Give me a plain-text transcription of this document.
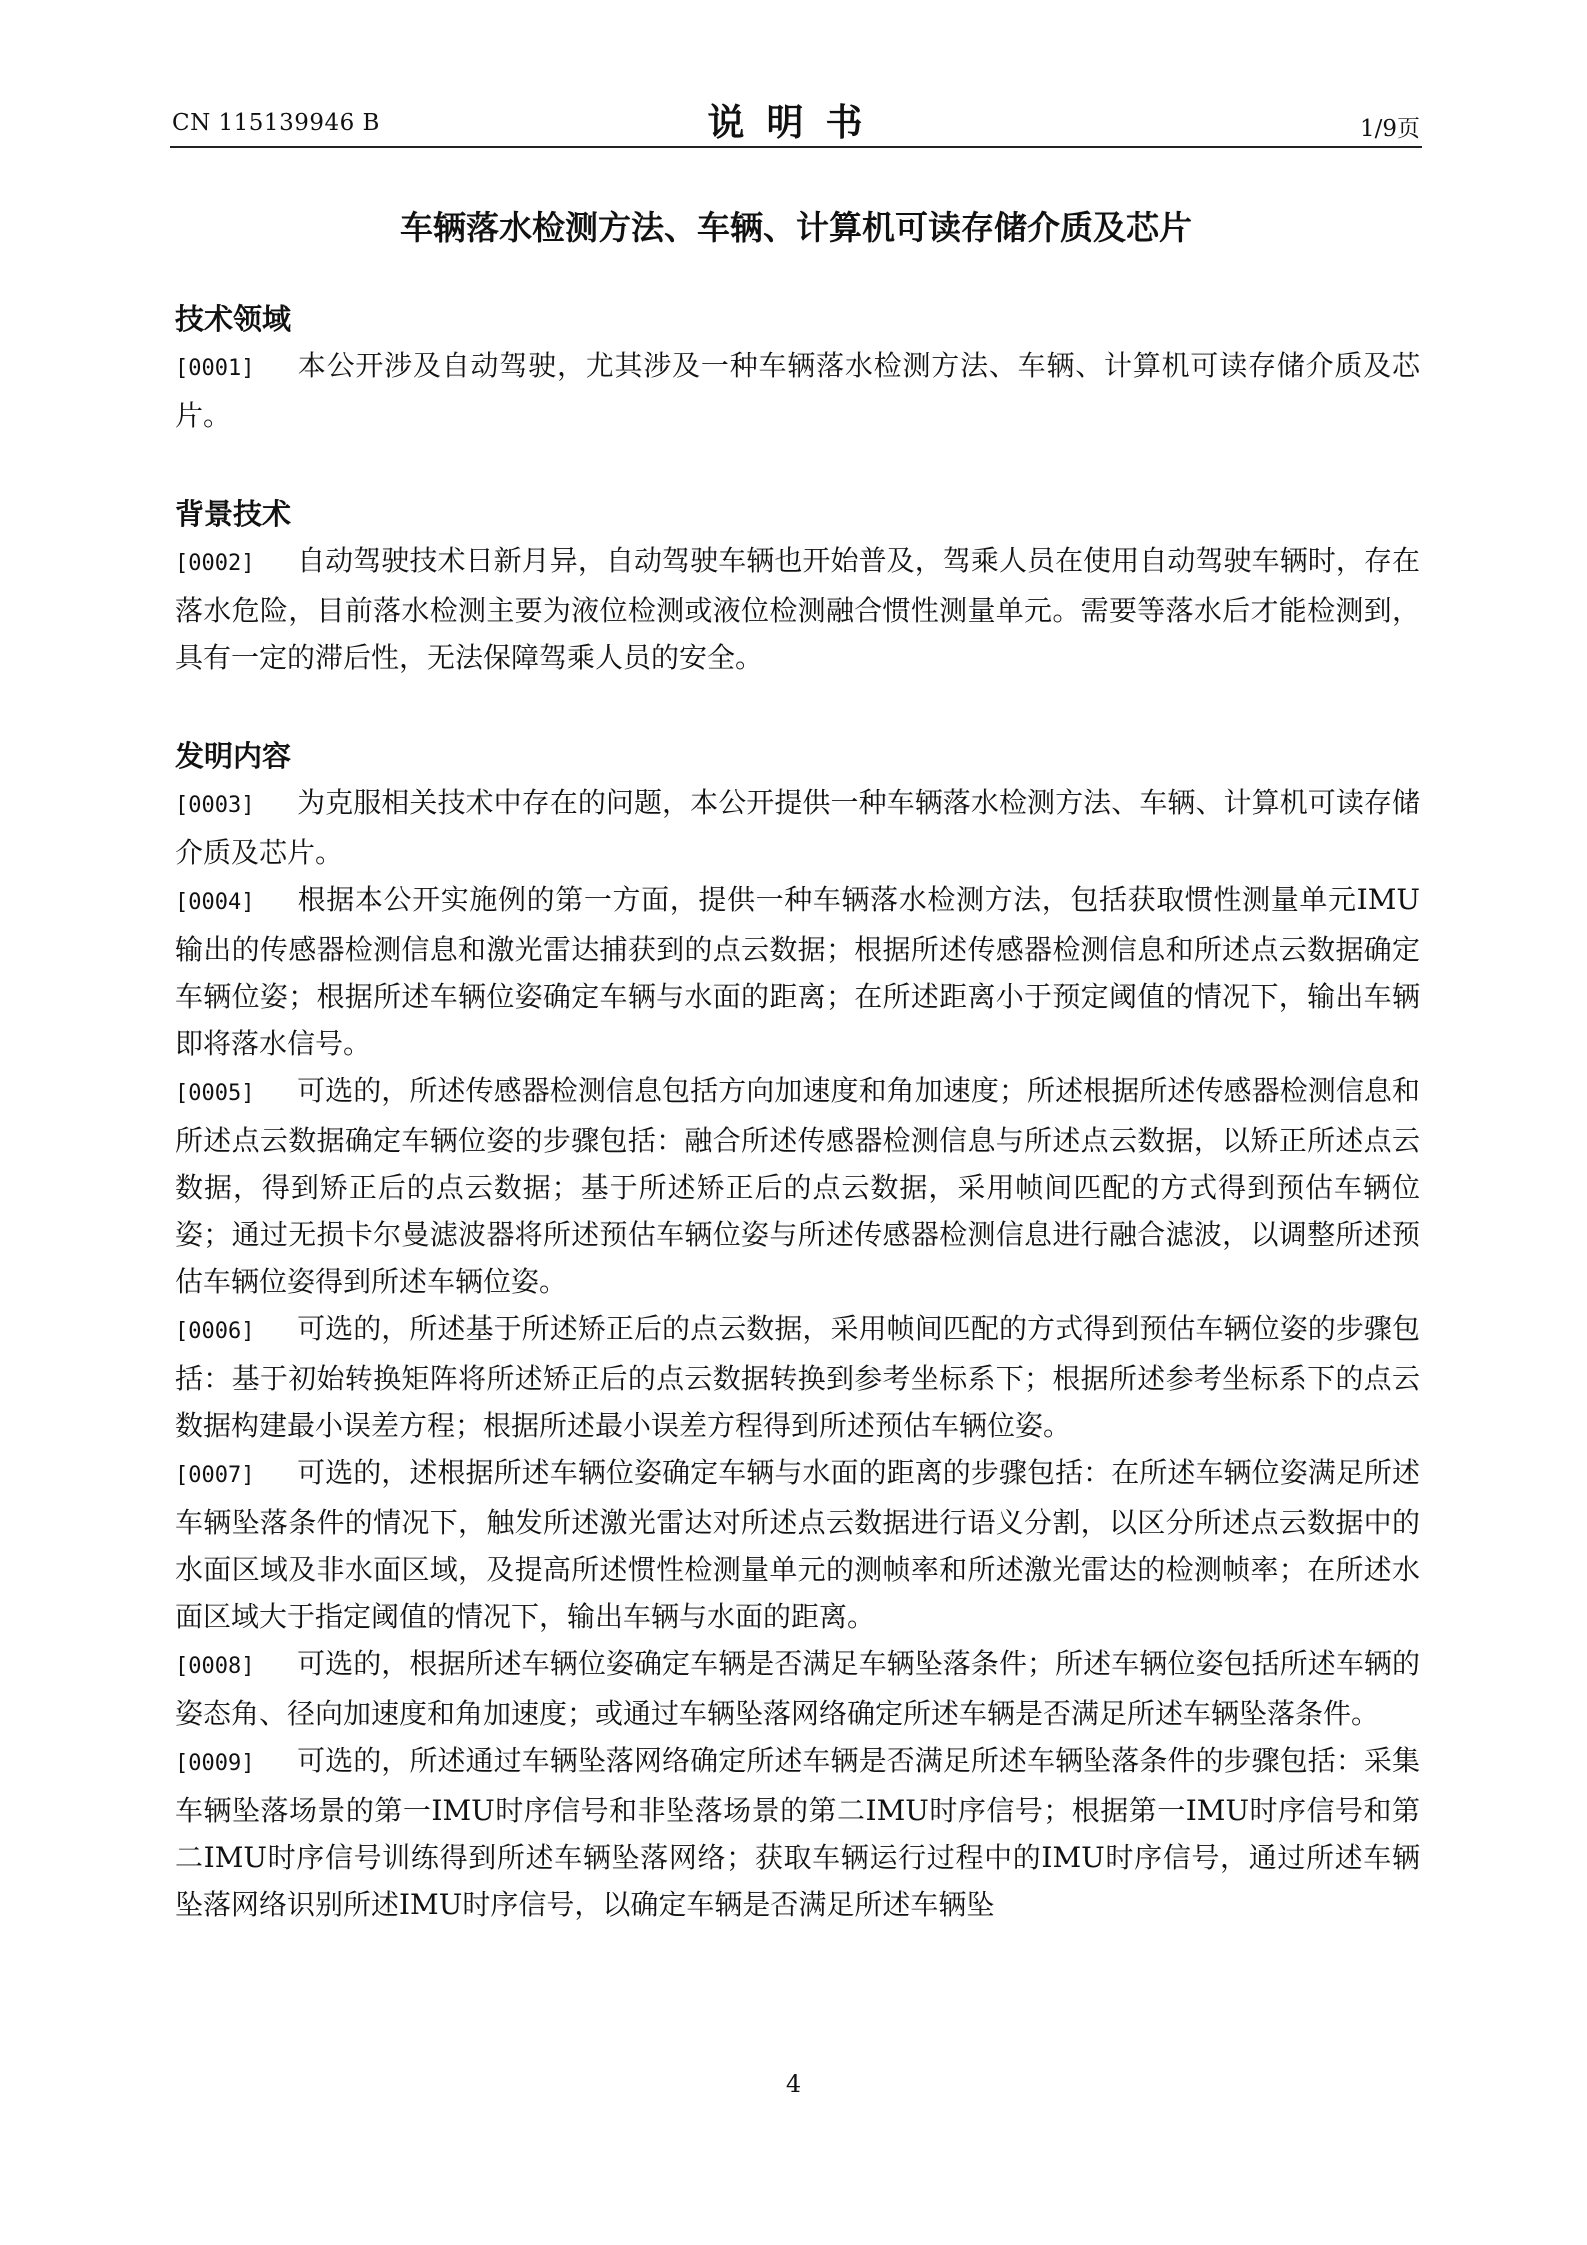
CN 115139946 B	说明书	1/9页
车辆落水检测方法、车辆、计算机可读存储介质及芯片
技术领域

[0001] 本公开涉及自动驾驶，尤其涉及一种车辆落水检测方法、车辆、计算机可读存储介质及芯片。

背景技术

[0002] 自动驾驶技术日新月异，自动驾驶车辆也开始普及，驾乘人员在使用自动驾驶车辆时，存在落水危险，目前落水检测主要为液位检测或液位检测融合惯性测量单元。需要等落水后才能检测到，具有一定的滞后性，无法保障驾乘人员的安全。

发明内容

[0003] 为克服相关技术中存在的问题，本公开提供一种车辆落水检测方法、车辆、计算机可读存储介质及芯片。

[0004] 根据本公开实施例的第一方面，提供一种车辆落水检测方法，包括获取惯性测量单元IMU输出的传感器检测信息和激光雷达捕获到的点云数据；根据所述传感器检测信息和所述点云数据确定车辆位姿；根据所述车辆位姿确定车辆与水面的距离；在所述距离小于预定阈值的情况下，输出车辆即将落水信号。

[0005] 可选的，所述传感器检测信息包括方向加速度和角加速度；所述根据所述传感器检测信息和所述点云数据确定车辆位姿的步骤包括：融合所述传感器检测信息与所述点云数据，以矫正所述点云数据，得到矫正后的点云数据；基于所述矫正后的点云数据，采用帧间匹配的方式得到预估车辆位姿；通过无损卡尔曼滤波器将所述预估车辆位姿与所述传感器检测信息进行融合滤波，以调整所述预估车辆位姿得到所述车辆位姿。

[0006] 可选的，所述基于所述矫正后的点云数据，采用帧间匹配的方式得到预估车辆位姿的步骤包括：基于初始转换矩阵将所述矫正后的点云数据转换到参考坐标系下；根据所述参考坐标系下的点云数据构建最小误差方程；根据所述最小误差方程得到所述预估车辆位姿。

[0007] 可选的，述根据所述车辆位姿确定车辆与水面的距离的步骤包括：在所述车辆位姿满足所述车辆坠落条件的情况下，触发所述激光雷达对所述点云数据进行语义分割，以区分所述点云数据中的水面区域及非水面区域，及提高所述惯性检测量单元的测帧率和所述激光雷达的检测帧率；在所述水面区域大于指定阈值的情况下，输出车辆与水面的距离。

[0008] 可选的，根据所述车辆位姿确定车辆是否满足车辆坠落条件；所述车辆位姿包括所述车辆的姿态角、径向加速度和角加速度；或通过车辆坠落网络确定所述车辆是否满足所述车辆坠落条件。

[0009] 可选的，所述通过车辆坠落网络确定所述车辆是否满足所述车辆坠落条件的步骤包括：采集车辆坠落场景的第一IMU时序信号和非坠落场景的第二IMU时序信号；根据第一IMU时序信号和第二IMU时序信号训练得到所述车辆坠落网络；获取车辆运行过程中的IMU时序信号，通过所述车辆坠落网络识别所述IMU时序信号，以确定车辆是否满足所述车辆坠

4
